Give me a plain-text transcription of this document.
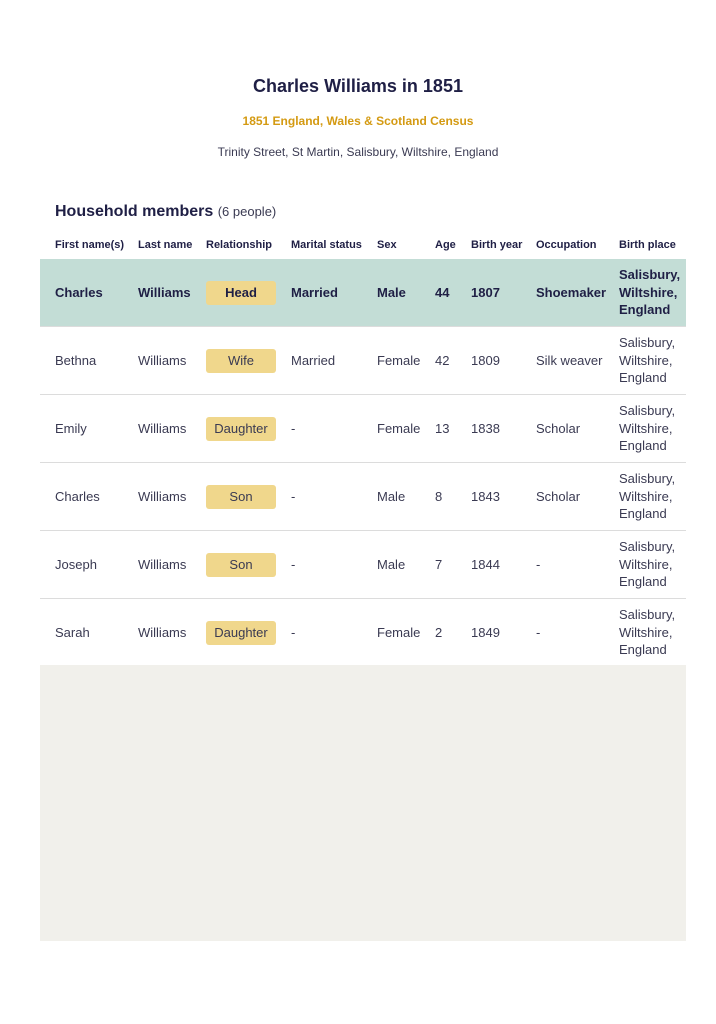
Charles Williams in 1851
1851 England, Wales & Scotland Census
Trinity Street, St Martin, Salisbury, Wiltshire, England
Household members (6 people)
First name(s)	Last name	Relationship	Marital status	Sex	Age	Birth year	Occupation	Birth place
Charles	Williams	Head	Married	Male	44	1807	Shoemaker	Salisbury, Wiltshire, England
Bethna	Williams	Wife	Married	Female	42	1809	Silk weaver	Salisbury, Wiltshire, England
Emily	Williams	Daughter	-	Female	13	1838	Scholar	Salisbury, Wiltshire, England
Charles	Williams	Son	-	Male	8	1843	Scholar	Salisbury, Wiltshire, England
Joseph	Williams	Son	-	Male	7	1844	-	Salisbury, Wiltshire, England
Sarah	Williams	Daughter	-	Female	2	1849	-	Salisbury, Wiltshire, England
